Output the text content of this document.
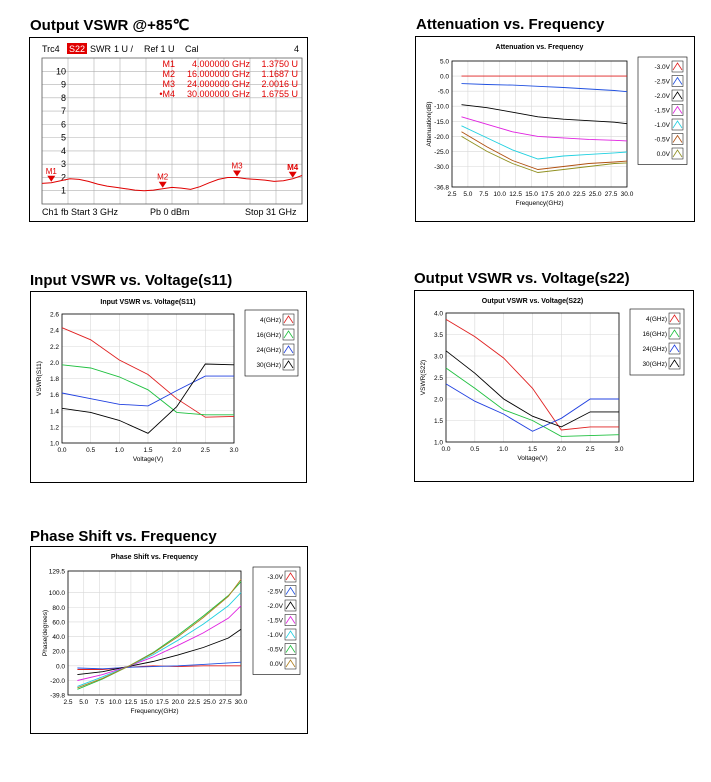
Output VSWR @+85℃	Attenuation vs. Frequency
Input VSWR vs. Voltage(s11)	Output VSWR vs. Voltage(s22)
Phase Shift vs. Frequency
Trc4 S22 SWR 1 U / Ref 1 U Cal	4
10
9
8
7
6
5
4
3
2
1
M1 4.000000 GHz 1.3750 U
M2 16.000000 GHz 1.1687 U
M3 24.000000 GHz 2.0016 U
•M4 30.000000 GHz 1.6755 U
M1
M2
M3	M4
Ch1 fb Start 3 GHz	Pb 0 dBm	Stop 31 GHz
Attenuation vs. Frequency
2.5 5.0 7.5 10.0 12.5 15.0 17.5 20.0 22.5 25.0 27.5 30.0
5.0
0.0
-5.0
-10.0
-15.0
-20.0
-25.0
-30.0
-36.8
Frequency(GHz)
Attenuation(dB)
-3.0V
-2.5V
-2.0V
-1.5V
-1.0V
-0.5V
0.0V
Input VSWR vs. Voltage(S11)
0.0	0.5	1.0	1.5	2.0	2.5	3.0
2.6
2.4
2.2
2.0
1.8
1.6
1.4
1.2
1.0
Voltage(V)
VSWR(S11)
4(GHz)
16(GHz)
24(GHz)
30(GHz)
Output VSWR vs. Voltage(S22)
0.0	0.5	1.0	1.5	2.0	2.5	3.0
4.0
3.5
3.0
2.5
2.0
1.5
1.0
Voltage(V)
VSWR(S22)
4(GHz)
16(GHz)
24(GHz)
30(GHz)
Phase Shift vs. Frequency
2.5 5.0 7.5 10.0 12.5 15.0 17.5 20.0 22.5 25.0 27.5 30.0
129.5
100.0
80.0
60.0
40.0
20.0
0.0
-20.0
-39.8
Frequency(GHz)
Phase(degrees)
-3.0V
-2.5V
-2.0V
-1.5V
-1.0V
-0.5V
0.0V
